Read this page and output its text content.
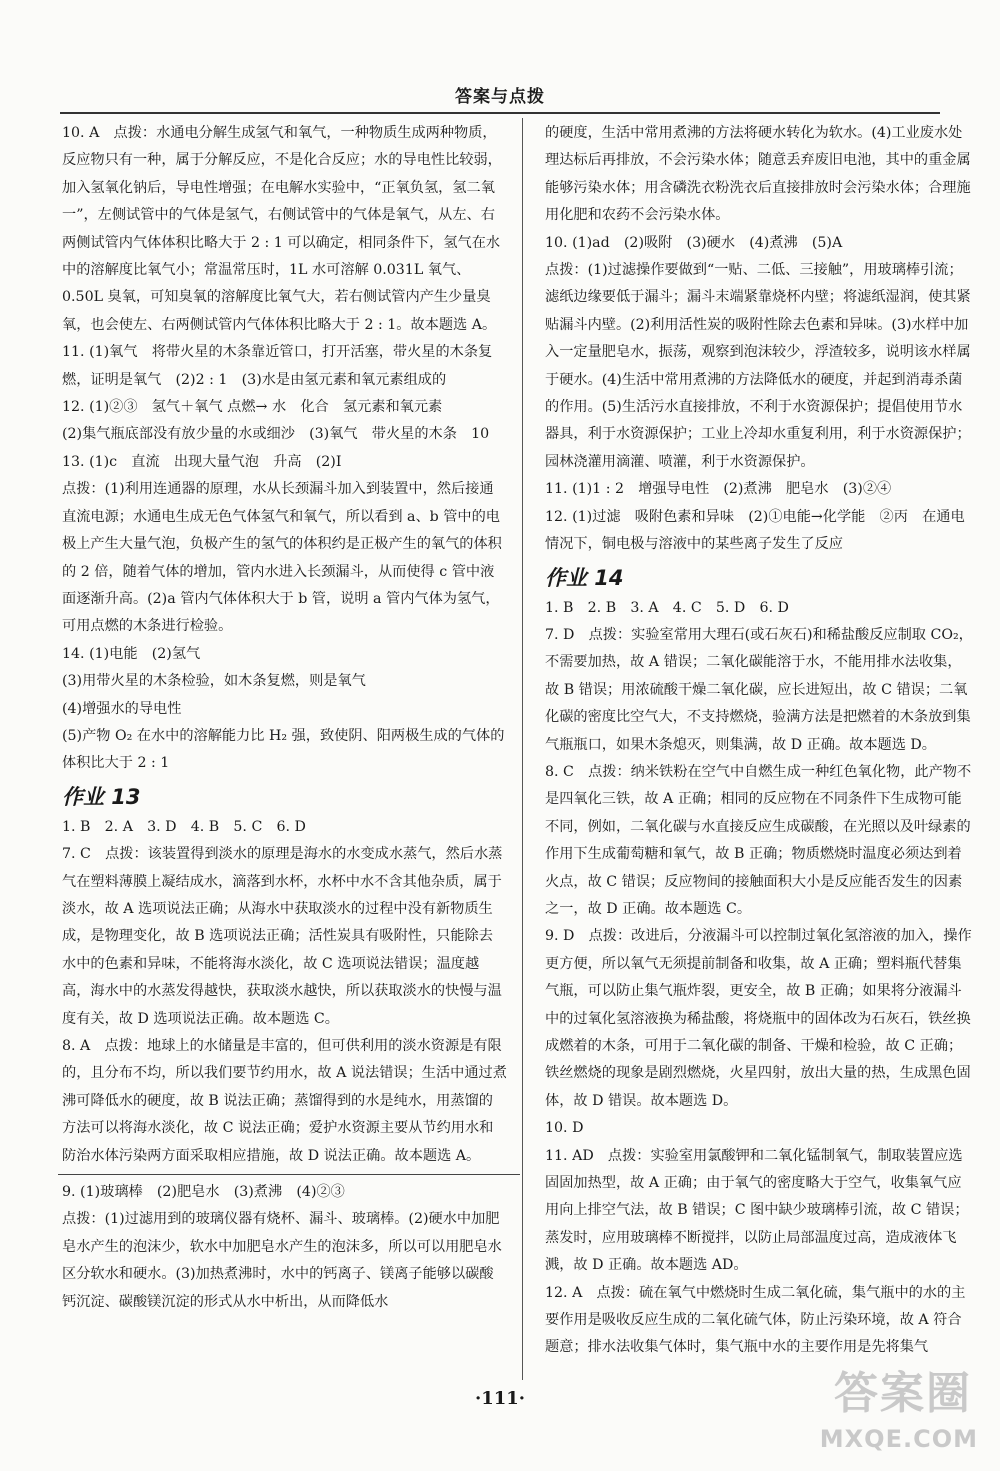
答案与点拨

10. A　点拨：水通电分解生成氢气和氧气，一种物质生成两种物质，反应物只有一种，属于分解反应，不是化合反应；水的导电性比较弱，加入氢氧化钠后，导电性增强；在电解水实验中，“正氧负氢，氢二氧一”，左侧试管中的气体是氢气，右侧试管中的气体是氧气，从左、右两侧试管内气体体积比略大于 2 : 1 可以确定，相同条件下，氢气在水中的溶解度比氧气小；常温常压时，1L 水可溶解 0.031L 氧气、0.50L 臭氧，可知臭氧的溶解度比氧气大，若右侧试管内产生少量臭氧，也会使左、右两侧试管内气体体积比略大于 2 : 1。故本题选 A。

11. (1)氧气　将带火星的木条靠近管口，打开活塞，带火星的木条复燃，证明是氧气　(2)2 : 1　(3)水是由氢元素和氧元素组成的

12. (1)②③　氢气＋氧气 点燃→ 水　化合　氢元素和氧元素

(2)集气瓶底部没有放少量的水或细沙　(3)氧气　带火星的木条　10

13. (1)c　直流　出现大量气泡　升高　(2)Ⅰ

点拨：(1)利用连通器的原理，水从长颈漏斗加入到装置中，然后接通直流电源；水通电生成无色气体氢气和氧气，所以看到 a、b 管中的电极上产生大量气泡，负极产生的氢气的体积约是正极产生的氧气的体积的 2 倍，随着气体的增加，管内水进入长颈漏斗，从而使得 c 管中液面逐渐升高。(2)a 管内气体体积大于 b 管，说明 a 管内气体为氢气，可用点燃的木条进行检验。

14. (1)电能　(2)氢气

(3)用带火星的木条检验，如木条复燃，则是氧气

(4)增强水的导电性

(5)产物 O₂ 在水中的溶解能力比 H₂ 强，致使阴、阳两极生成的气体的体积比大于 2 : 1

作业 13

1. B　2. A　3. D　4. B　5. C　6. D

7. C　点拨：该装置得到淡水的原理是海水的水变成水蒸气，然后水蒸气在塑料薄膜上凝结成水，滴落到水杯，水杯中水不含其他杂质，属于淡水，故 A 选项说法正确；从海水中获取淡水的过程中没有新物质生成，是物理变化，故 B 选项说法正确；活性炭具有吸附性，只能除去水中的色素和异味，不能将海水淡化，故 C 选项说法错误；温度越高，海水中的水蒸发得越快，获取淡水越快，所以获取淡水的快慢与温度有关，故 D 选项说法正确。故本题选 C。

8. A　点拨：地球上的水储量是丰富的，但可供利用的淡水资源是有限的，且分布不均，所以我们要节约用水，故 A 说法错误；生活中通过煮沸可降低水的硬度，故 B 说法正确；蒸馏得到的水是纯水，用蒸馏的方法可以将海水淡化，故 C 说法正确；爱护水资源主要从节约用水和防治水体污染两方面采取相应措施，故 D 说法正确。故本题选 A。

9. (1)玻璃棒　(2)肥皂水　(3)煮沸　(4)②③

点拨：(1)过滤用到的玻璃仪器有烧杯、漏斗、玻璃棒。(2)硬水中加肥皂水产生的泡沫少，软水中加肥皂水产生的泡沫多，所以可以用肥皂水区分软水和硬水。(3)加热煮沸时，水中的钙离子、镁离子能够以碳酸钙沉淀、碳酸镁沉淀的形式从水中析出，从而降低水

的硬度，生活中常用煮沸的方法将硬水转化为软水。(4)工业废水处理达标后再排放，不会污染水体；随意丢弃废旧电池，其中的重金属能够污染水体；用含磷洗衣粉洗衣后直接排放时会污染水体；合理施用化肥和农药不会污染水体。

10. (1)ad　(2)吸附　(3)硬水　(4)煮沸　(5)A

点拨：(1)过滤操作要做到“一贴、二低、三接触”，用玻璃棒引流；滤纸边缘要低于漏斗；漏斗末端紧靠烧杯内壁；将滤纸湿润，使其紧贴漏斗内壁。(2)利用活性炭的吸附性除去色素和异味。(3)水样中加入一定量肥皂水，振荡，观察到泡沫较少，浮渣较多，说明该水样属于硬水。(4)生活中常用煮沸的方法降低水的硬度，并起到消毒杀菌的作用。(5)生活污水直接排放，不利于水资源保护；提倡使用节水器具，利于水资源保护；工业上冷却水重复利用，利于水资源保护；园林浇灌用滴灌、喷灌，利于水资源保护。

11. (1)1 : 2　增强导电性　(2)煮沸　肥皂水　(3)②④

12. (1)过滤　吸附色素和异味　(2)①电能→化学能　②丙　在通电情况下，铜电极与溶液中的某些离子发生了反应

作业 14

1. B　2. B　3. A　4. C　5. D　6. D

7. D　点拨：实验室常用大理石(或石灰石)和稀盐酸反应制取 CO₂，不需要加热，故 A 错误；二氧化碳能溶于水，不能用排水法收集，故 B 错误；用浓硫酸干燥二氧化碳，应长进短出，故 C 错误；二氧化碳的密度比空气大，不支持燃烧，验满方法是把燃着的木条放到集气瓶瓶口，如果木条熄灭，则集满，故 D 正确。故本题选 D。

8. C　点拨：纳米铁粉在空气中自燃生成一种红色氧化物，此产物不是四氧化三铁，故 A 正确；相同的反应物在不同条件下生成物可能不同，例如，二氧化碳与水直接反应生成碳酸，在光照以及叶绿素的作用下生成葡萄糖和氧气，故 B 正确；物质燃烧时温度必须达到着火点，故 C 错误；反应物间的接触面积大小是反应能否发生的因素之一，故 D 正确。故本题选 C。

9. D　点拨：改进后，分液漏斗可以控制过氧化氢溶液的加入，操作更方便，所以氧气无须提前制备和收集，故 A 正确；塑料瓶代替集气瓶，可以防止集气瓶炸裂，更安全，故 B 正确；如果将分液漏斗中的过氧化氢溶液换为稀盐酸，将烧瓶中的固体改为石灰石，铁丝换成燃着的木条，可用于二氧化碳的制备、干燥和检验，故 C 正确；铁丝燃烧的现象是剧烈燃烧，火星四射，放出大量的热，生成黑色固体，故 D 错误。故本题选 D。

10. D

11. AD　点拨：实验室用氯酸钾和二氧化锰制氧气，制取装置应选固固加热型，故 A 正确；由于氧气的密度略大于空气，收集氧气应用向上排空气法，故 B 错误；C 图中缺少玻璃棒引流，故 C 错误；蒸发时，应用玻璃棒不断搅拌，以防止局部温度过高，造成液体飞溅，故 D 正确。故本题选 AD。

12. A　点拨：硫在氧气中燃烧时生成二氧化硫，集气瓶中的水的主要作用是吸收反应生成的二氧化硫气体，防止污染环境，故 A 符合题意；排水法收集气体时，集气瓶中水的主要作用是先将集气

·111·	答案圈
MXQE.COM
